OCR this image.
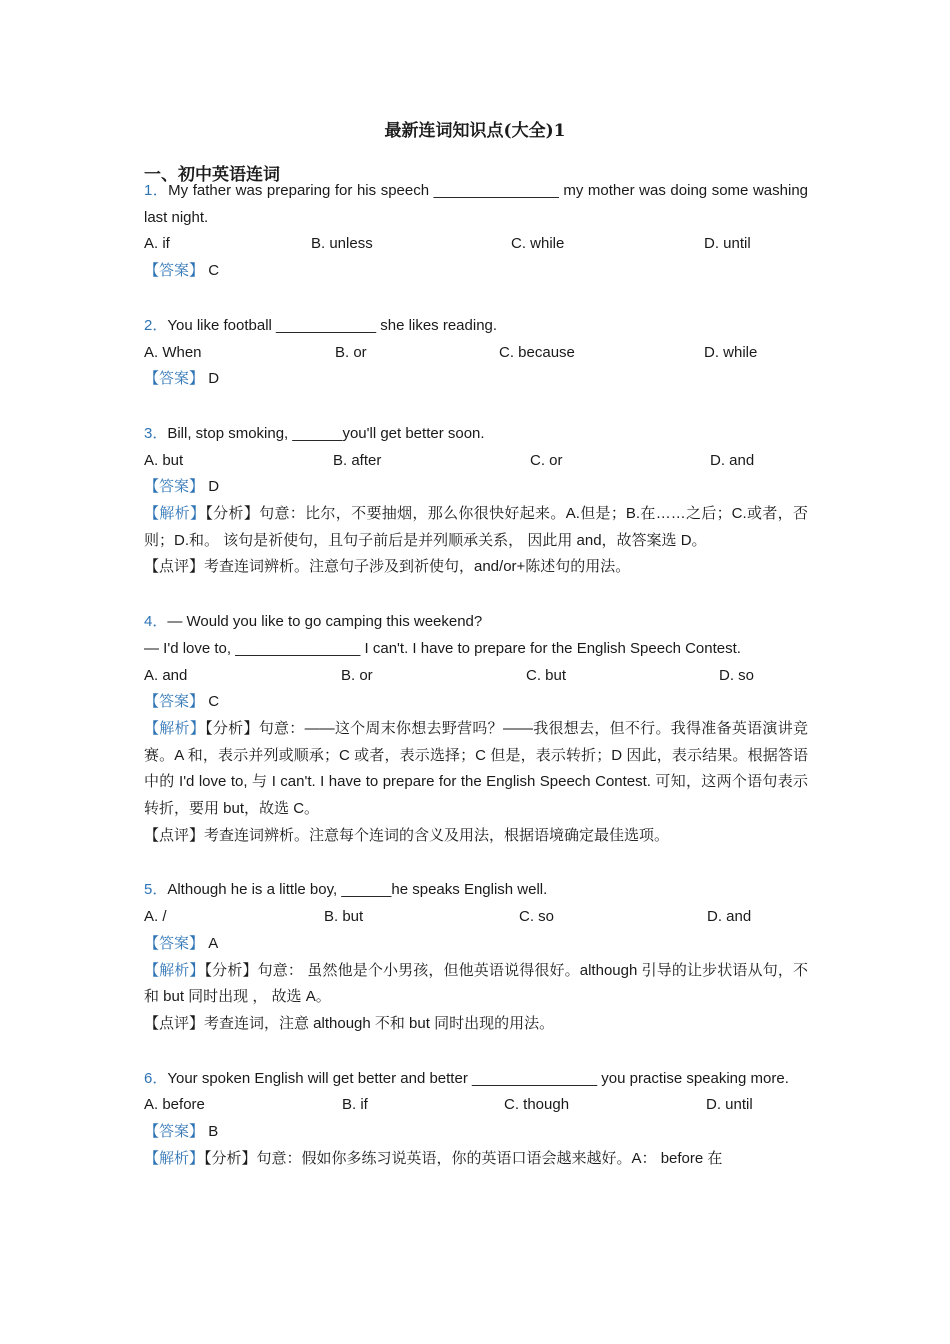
最新连词知识点(大全)1
一、初中英语连词
1．My father was preparing for his speech _______________ my mother was doing some washing last night.
A. if	B. unless	C. while	D. until
【答案】 C
2．You like football ____________ she likes reading.
A. When	B. or	C. because	D. while
【答案】 D
3．Bill, stop smoking, ______you'll get better soon.
A. but	B. after	C. or	D. and
【答案】 D
【解析】【分析】句意：比尔，不要抽烟，那么你很快好起来。A.但是；B.在……之后；C.或者，否则；D.和。 该句是祈使句，且句子前后是并列顺承关系， 因此用 and，故答案选 D。
【点评】考查连词辨析。注意句子涉及到祈使句，and/or+陈述句的用法。
4．— Would you like to go camping this weekend?
— I'd love to, _______________ I can't. I have to prepare for the English Speech Contest.
A. and	B. or	C. but	D. so
【答案】 C
【解析】【分析】句意：——这个周末你想去野营吗？——我很想去，但不行。我得准备英语演讲竞赛。A 和，表示并列或顺承；C 或者，表示选择；C 但是，表示转折；D 因此，表示结果。根据答语中的 I'd love to, 与 I can't. I have to prepare for the English Speech Contest. 可知，这两个语句表示转折，要用 but，故选 C。
【点评】考查连词辨析。注意每个连词的含义及用法，根据语境确定最佳选项。
5．Although he is a little boy, ______he speaks English well.
A. /	B. but	C. so	D. and
【答案】 A
【解析】【分析】句意： 虽然他是个小男孩，但他英语说得很好。although 引导的让步状语从句，不和 but 同时出现 ， 故选 A。
【点评】考查连词，注意 although 不和 but 同时出现的用法。
6．Your spoken English will get better and better _______________ you practise speaking more.
A. before	B. if	C. though	D. until
【答案】 B
【解析】【分析】句意：假如你多练习说英语，你的英语口语会越来越好。A： before 在
